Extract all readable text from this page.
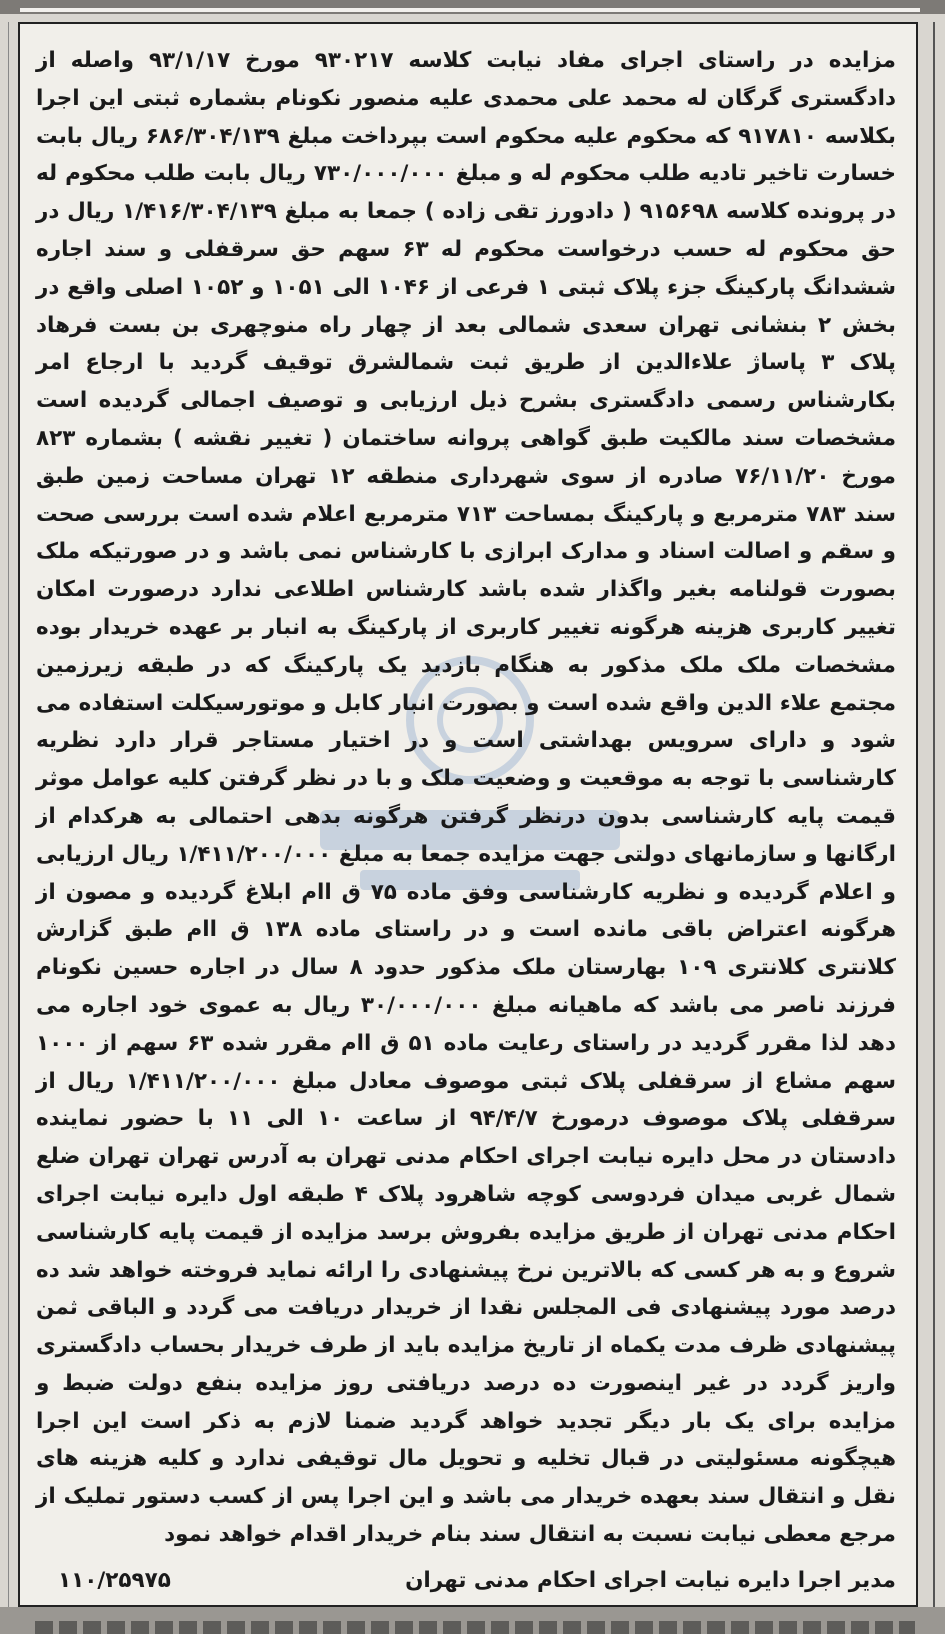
مزایده در راستای اجرای مفاد نیابت کلاسه ۹۳۰۲۱۷ مورخ ۹۳/۱/۱۷ واصله از دادگستری گرگان له محمد علی محمدی علیه منصور نکونام بشماره ثبتی این اجرا بکلاسه ۹۱۷۸۱۰ که محکوم علیه محکوم است بپرداخت مبلغ ۶۸۶/۳۰۴/۱۳۹ ریال بابت خسارت تاخیر تادیه طلب محکوم له و مبلغ ۷۳۰/۰۰۰/۰۰۰ ریال بابت طلب محکوم له در پرونده کلاسه ۹۱۵۶۹۸ ( دادورز تقی زاده ) جمعا به مبلغ ۱/۴۱۶/۳۰۴/۱۳۹ ریال در حق محکوم له حسب درخواست محکوم له ۶۳ سهم حق سرقفلی و سند اجاره ششدانگ پارکینگ جزء پلاک ثبتی ۱ فرعی از ۱۰۴۶ الی ۱۰۵۱ و ۱۰۵۲ اصلی واقع در بخش ۲ بنشانی تهران سعدی شمالی بعد از چهار راه منوچهری بن بست فرهاد پلاک ۳ پاساژ علاءالدین از طریق ثبت شمالشرق توقیف گردید با ارجاع امر بکارشناس رسمی دادگستری بشرح ذیل ارزیابی و توصیف اجمالی گردیده است مشخصات سند مالکیت طبق گواهی پروانه ساختمان ( تغییر نقشه ) بشماره ۸۲۳ مورخ ۷۶/۱۱/۲۰ صادره از سوی شهرداری منطقه ۱۲ تهران مساحت زمین طبق سند ۷۸۳ مترمربع و پارکینگ بمساحت ۷۱۳ مترمربع اعلام شده است بررسی صحت و سقم و اصالت اسناد و مدارک ابرازی با کارشناس نمی باشد و در صورتیکه ملک بصورت قولنامه بغیر واگذار شده باشد کارشناس اطلاعی ندارد درصورت امکان تغییر کاربری هزینه هرگونه تغییر کاربری از پارکینگ به انبار بر عهده خریدار بوده مشخصات ملک ملک مذکور به هنگام بازدید یک پارکینگ که در طبقه زیرزمین مجتمع علاء الدین واقع شده است و بصورت انبار کابل و موتورسیکلت استفاده می شود و دارای سرویس بهداشتی است و در اختیار مستاجر قرار دارد نظریه کارشناسی با توجه به موقعیت و وضعیت ملک و با در نظر گرفتن کلیه عوامل موثر قیمت پایه کارشناسی بدون درنظر گرفتن هرگونه بدهی احتمالی به هرکدام از ارگانها و سازمانهای دولتی جهت مزایده جمعا به مبلغ ۱/۴۱۱/۲۰۰/۰۰۰ ریال ارزیابی و اعلام گردیده و نظریه کارشناسی وفق ماده ۷۵ ق اام ابلاغ گردیده و مصون از هرگونه اعتراض باقی مانده است و در راستای ماده ۱۳۸ ق اام طبق گزارش کلانتری کلانتری ۱۰۹ بهارستان ملک مذکور حدود ۸ سال در اجاره حسین نکونام فرزند ناصر می باشد که ماهیانه مبلغ ۳۰/۰۰۰/۰۰۰ ریال به عموی خود اجاره می دهد لذا مقرر گردید در راستای رعایت ماده ۵۱ ق اام مقرر شده ۶۳ سهم از ۱۰۰۰ سهم مشاع از سرقفلی پلاک ثبتی موصوف معادل مبلغ ۱/۴۱۱/۲۰۰/۰۰۰ ریال از سرقفلی پلاک موصوف درمورخ ۹۴/۴/۷ از ساعت ۱۰ الی ۱۱ با حضور نماینده دادستان در محل دایره نیابت اجرای احکام مدنی تهران به آدرس تهران تهران ضلع شمال غربی میدان فردوسی کوچه شاهرود پلاک ۴ طبقه اول دایره نیابت اجرای احکام مدنی تهران از طریق مزایده بفروش برسد مزایده از قیمت پایه کارشناسی شروع و به هر کسی که بالاترین نرخ پیشنهادی را ارائه نماید فروخته خواهد شد ده درصد مورد پیشنهادی فی المجلس نقدا از خریدار دریافت می گردد و الباقی ثمن پیشنهادی ظرف مدت یکماه از تاریخ مزایده باید از طرف خریدار بحساب دادگستری واریز گردد در غیر اینصورت ده درصد دریافتی روز مزایده بنفع دولت ضبط و مزایده برای یک بار دیگر تجدید خواهد گردید ضمنا لازم به ذکر است این اجرا هیچگونه مسئولیتی در قبال تخلیه و تحویل مال توقیفی ندارد و کلیه هزینه های نقل و انتقال سند بعهده خریدار می باشد و این اجرا پس از کسب دستور تملیک از مرجع معطی نیابت نسبت به انتقال سند بنام خریدار اقدام خواهد نمود

مدیر اجرا دایره نیابت اجرای احکام مدنی تهران
۱۱۰/۲۵۹۷۵
